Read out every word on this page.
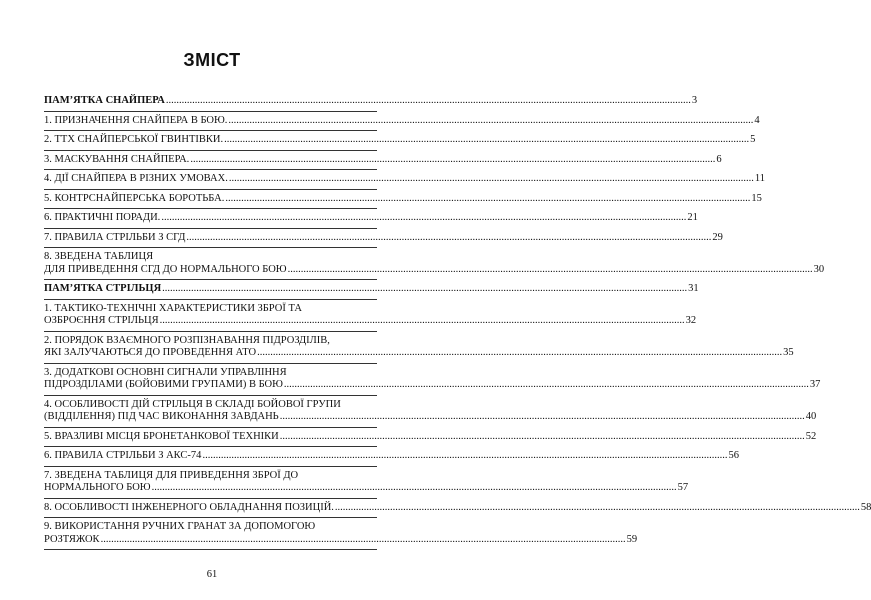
ЗМІСТ
ПАМ’ЯТКА СНАЙПЕРА ........................................................................................................................................................................................................ 3
1. ПРИЗНАЧЕННЯ СНАЙПЕРА В БОЮ. ........................................................................................................................................................................................................ 4
2. ТТХ СНАЙПЕРСЬКОЇ ГВИНТІВКИ. ........................................................................................................................................................................................................ 5
3. МАСКУВАННЯ СНАЙПЕРА. ........................................................................................................................................................................................................ 6
4. ДІЇ СНАЙПЕРА В РІЗНИХ УМОВАХ. ........................................................................................................................................................................................................ 11
5. КОНТРСНАЙПЕРСЬКА БОРОТЬБА. ........................................................................................................................................................................................................ 15
6. ПРАКТИЧНІ ПОРАДИ. ........................................................................................................................................................................................................ 21
7. ПРАВИЛА СТРІЛЬБИ З СГД ........................................................................................................................................................................................................ 29
8. ЗВЕДЕНА ТАБЛИЦЯ
ДЛЯ ПРИВЕДЕННЯ СГД ДО НОРМАЛЬНОГО БОЮ ........................................................................................................................................................................................................ 30
ПАМ’ЯТКА СТРІЛЬЦЯ ........................................................................................................................................................................................................ 31
1. ТАКТИКО-ТЕХНІЧНІ ХАРАКТЕРИСТИКИ ЗБРОЇ ТА
ОЗБРОЄННЯ СТРІЛЬЦЯ ........................................................................................................................................................................................................ 32
2. ПОРЯДОК ВЗАЄМНОГО РОЗПІЗНАВАННЯ ПІДРОЗДІЛІВ,
ЯКІ ЗАЛУЧАЮТЬСЯ ДО ПРОВЕДЕННЯ АТО ........................................................................................................................................................................................................ 35
3. ДОДАТКОВІ ОСНОВНІ СИГНАЛИ УПРАВЛІННЯ
ПІДРОЗДІЛАМИ (БОЙОВИМИ ГРУПАМИ) В БОЮ ........................................................................................................................................................................................................ 37
4. ОСОБЛИВОСТІ ДІЙ СТРІЛЬЦЯ В СКЛАДІ БОЙОВОЇ ГРУПИ
(ВІДДІЛЕННЯ) ПІД ЧАС ВИКОНАННЯ ЗАВДАНЬ ........................................................................................................................................................................................................ 40
5. ВРАЗЛИВІ МІСЦЯ БРОНЕТАНКОВОЇ ТЕХНІКИ ........................................................................................................................................................................................................ 52
6. ПРАВИЛА СТРІЛЬБИ З АКС-74 ........................................................................................................................................................................................................ 56
7. ЗВЕДЕНА ТАБЛИЦЯ ДЛЯ ПРИВЕДЕННЯ ЗБРОЇ ДО
НОРМАЛЬНОГО БОЮ ........................................................................................................................................................................................................ 57
8. ОСОБЛИВОСТІ ІНЖЕНЕРНОГО ОБЛАДНАННЯ ПОЗИЦІЙ. ........................................................................................................................................................................................................ 58
9. ВИКОРИСТАННЯ РУЧНИХ ГРАНАТ ЗА ДОПОМОГОЮ
РОЗТЯЖОК ........................................................................................................................................................................................................ 59
61
